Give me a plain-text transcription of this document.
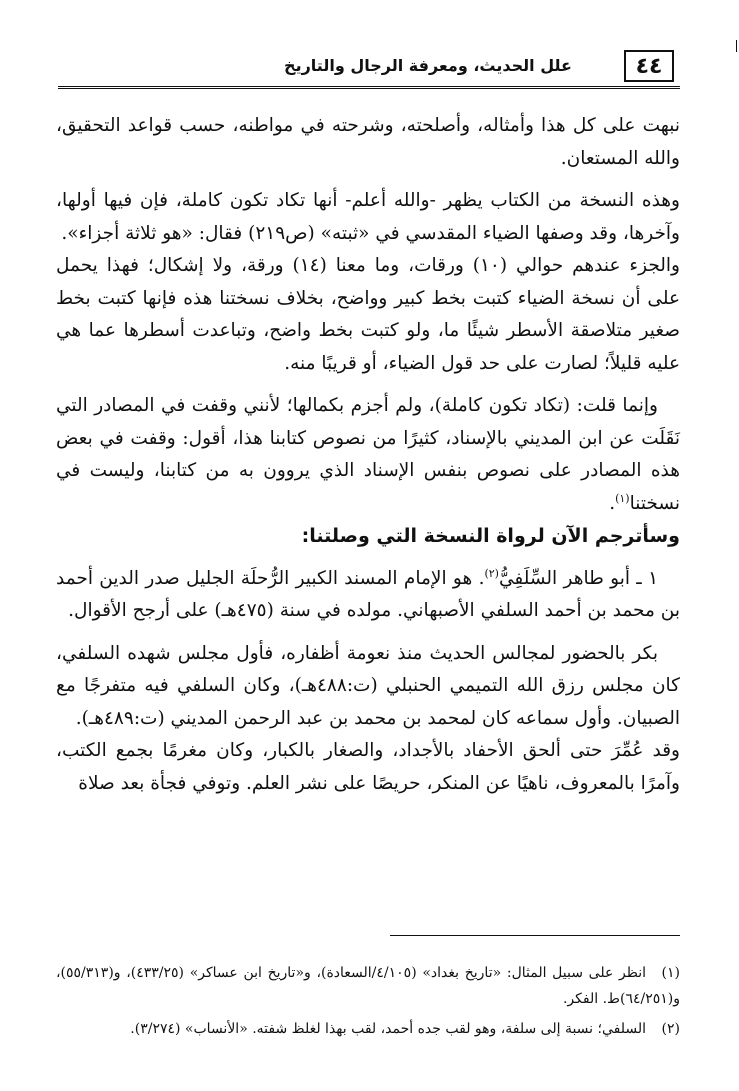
علل الحديث، ومعرفة الرجال والتاريخ	٤٤

نبهت على كل هذا وأمثاله، وأصلحته، وشرحته في مواطنه، حسب قواعد التحقيق، والله المستعان.

وهذه النسخة من الكتاب يظهر -والله أعلم- أنها تكاد تكون كاملة، فإن فيها أولها، وآخرها، وقد وصفها الضياء المقدسي في «ثبته» (ص٢١٩) فقال: «هو ثلاثة أجزاء».

والجزء عندهم حوالي (١٠) ورقات، وما معنا (١٤) ورقة، ولا إشكال؛ فهذا يحمل على أن نسخة الضياء كتبت بخط كبير وواضح، بخلاف نسختنا هذه فإنها كتبت بخط صغير متلاصقة الأسطر شيئًا ما، ولو كتبت بخط واضح، وتباعدت أسطرها عما هي عليه قليلاً؛ لصارت على حد قول الضياء، أو قريبًا منه.

وإنما قلت: (تكاد تكون كاملة)، ولم أجزم بكمالها؛ لأنني وقفت في المصادر التي نَقَلَت عن ابن المديني بالإسناد، كثيرًا من نصوص كتابنا هذا، أقول: وقفت في بعض هذه المصادر على نصوص بنفس الإسناد الذي يروون به من كتابنا، وليست في نسختنا$^{(١)}$.

وسأترجم الآن لرواة النسخة التي وصلتنا:

١ ـ أبو طاهر السِّلَفِيُّ$^{(٢)}$. هو الإمام المسند الكبير الرُّحلَة الجليل صدر الدين أحمد بن محمد بن أحمد السلفي الأصبهاني. مولده في سنة (٤٧٥هـ) على أرجح الأقوال.

بكر بالحضور لمجالس الحديث منذ نعومة أظفاره، فأول مجلس شهده السلفي، كان مجلس رزق الله التميمي الحنبلي (ت:٤٨٨هـ)، وكان السلفي فيه متفرجًا مع الصبيان. وأول سماعه كان لمحمد بن محمد بن عبد الرحمن المديني (ت:٤٨٩هـ).

وقد عُمِّرَ حتى ألحق الأحفاد بالأجداد، والصغار بالكبار، وكان مغرمًا بجمع الكتب، وآمرًا بالمعروف، ناهيًا عن المنكر، حريصًا على نشر العلم. وتوفي فجأة بعد صلاة

(١)انظر على سبيل المثال: «تاريخ بغداد» (٤/١٠٥/السعادة)، و«تاريخ ابن عساكر» (٤٣٣/٢٥)، و(٥٥/٣١٣)، و(٦٤/٢٥١)ط. الفكر.

(٢)السلفي؛ نسبة إلى سلفة، وهو لقب جده أحمد، لقب بهذا لغلظ شفته. «الأنساب» (٣/٢٧٤).
